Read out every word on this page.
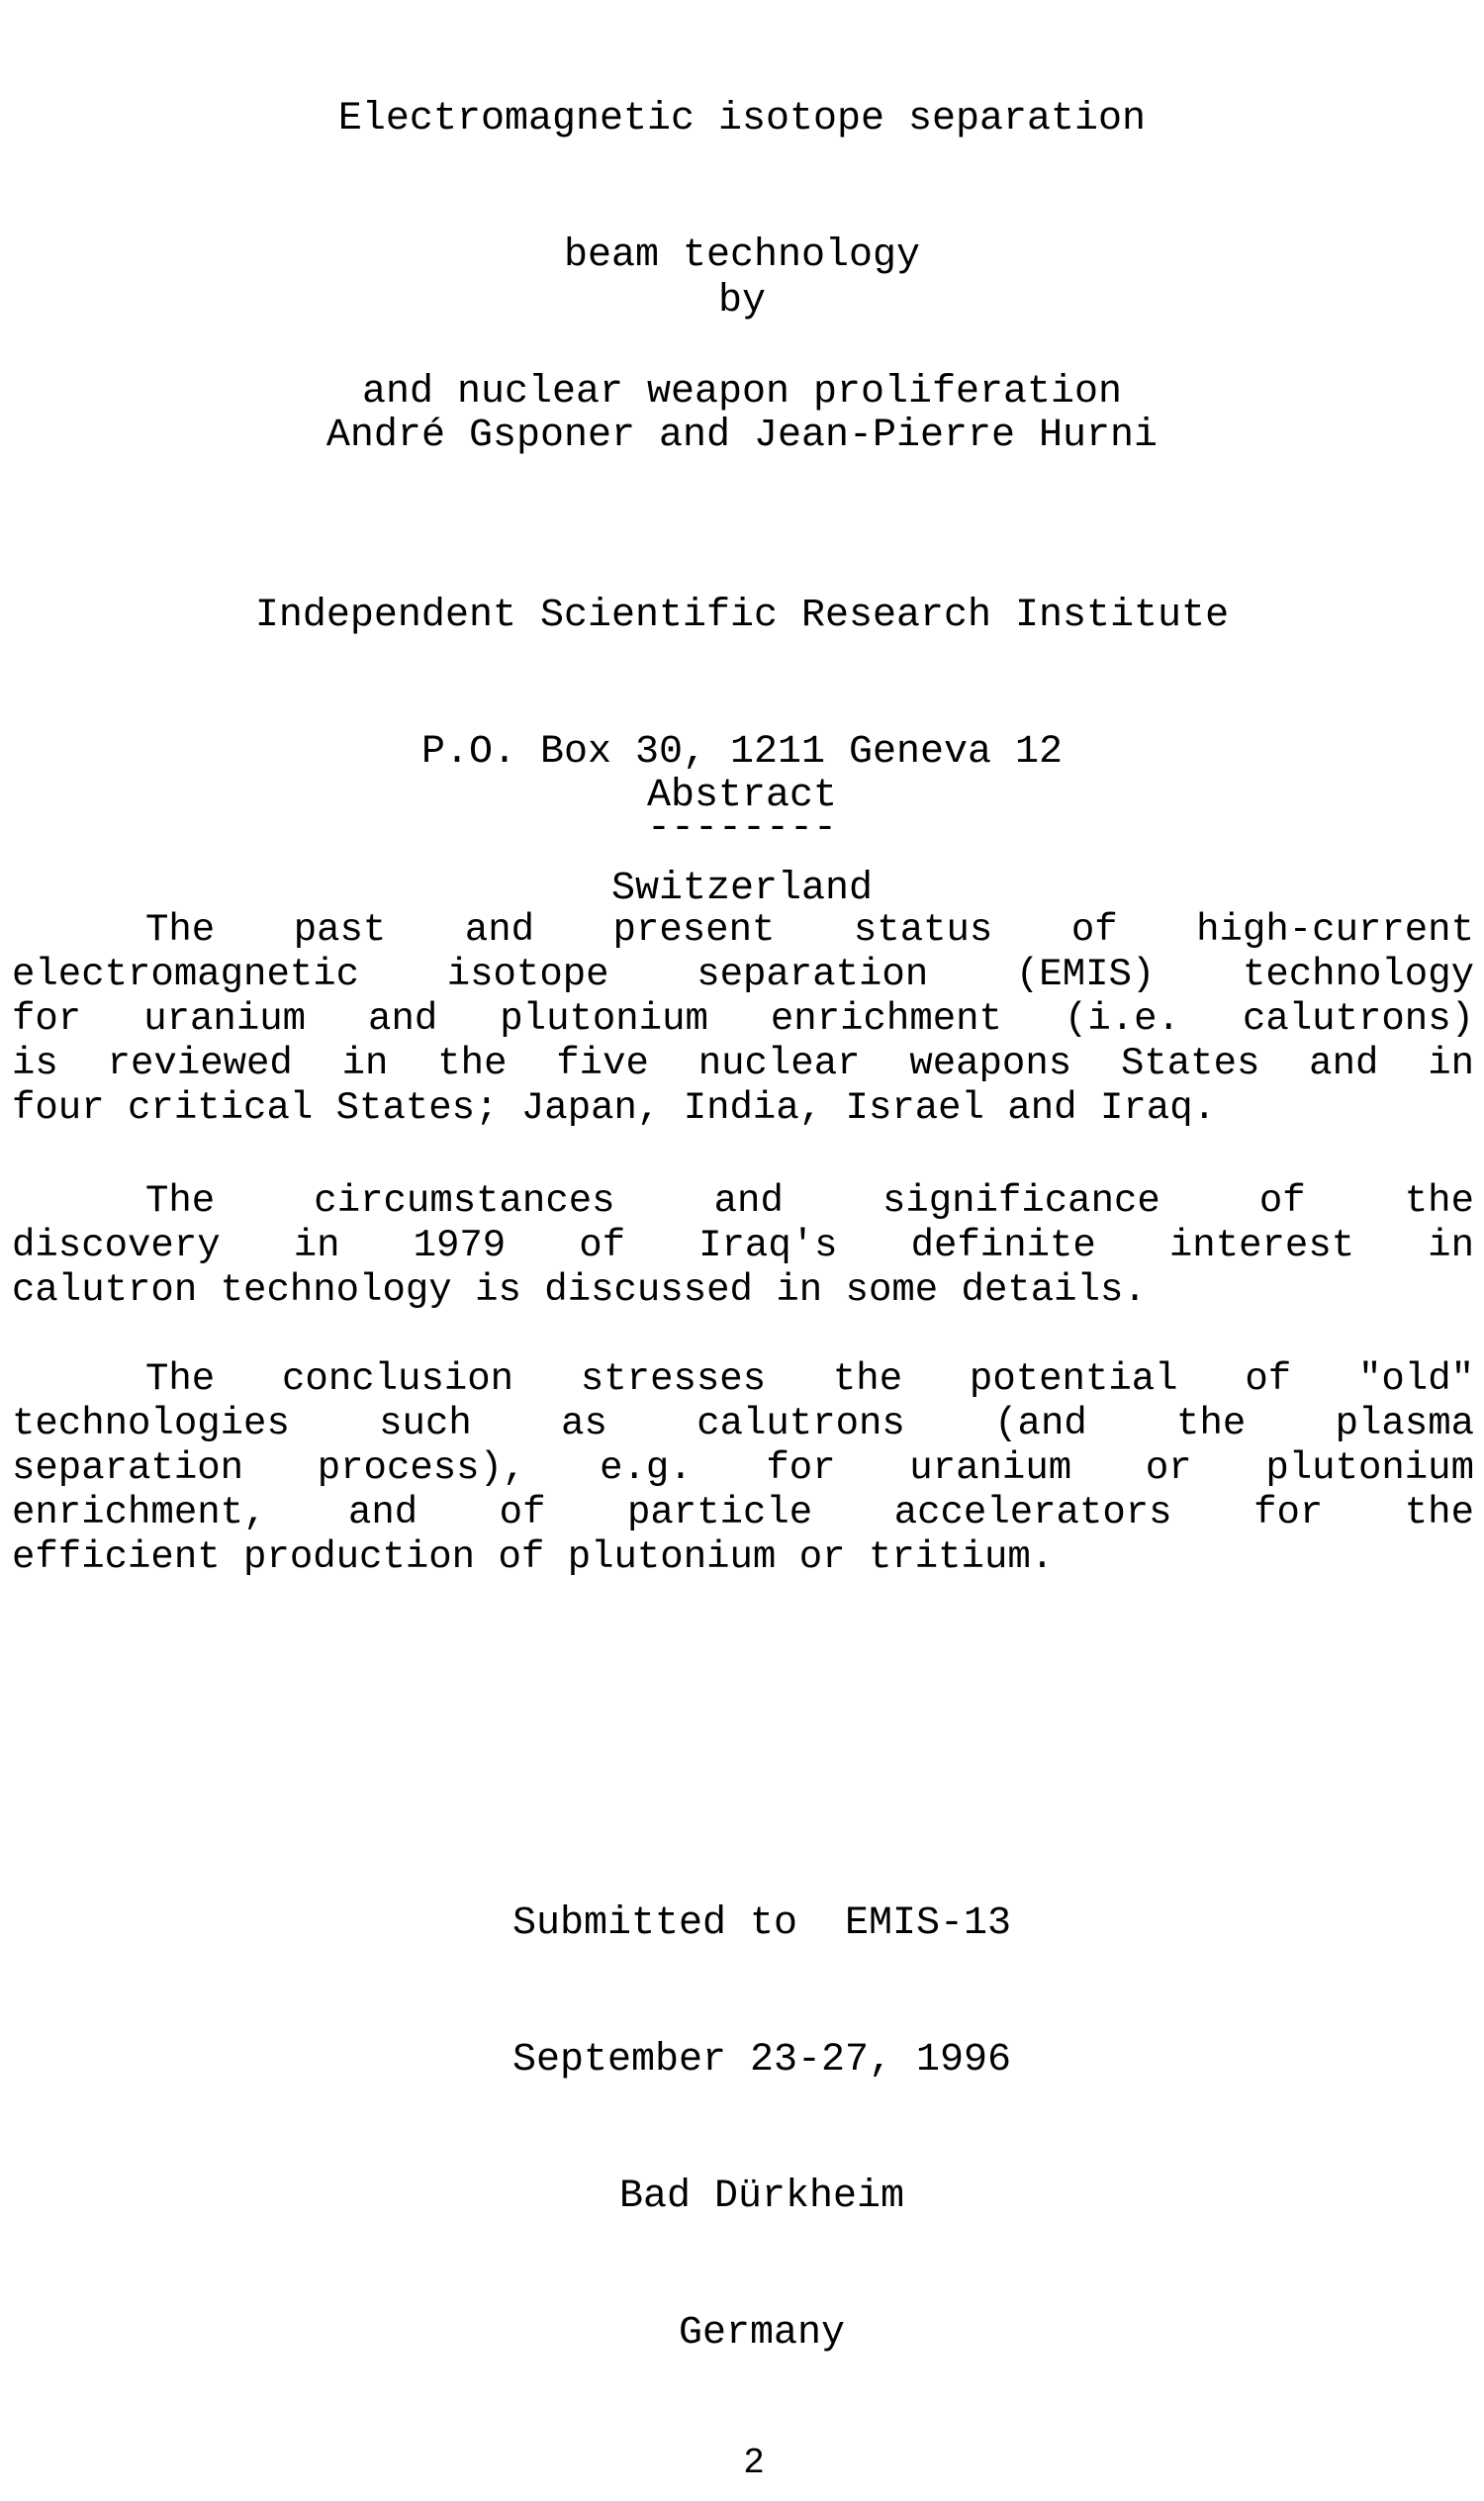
Electromagnetic isotope separation

beam technology

and nuclear weapon proliferation

by
André Gsponer and Jean-Pierre Hurni

Independent Scientific Research Institute

P.O. Box 30, 1211 Geneva 12

Switzerland

Abstract
--------
The past and present status of high-current
electromagnetic isotope separation (EMIS) technology
for uranium and plutonium enrichment (i.e. calutrons)
is reviewed in the five nuclear weapons States and in
four critical States; Japan, India, Israel and Iraq.
The circumstances and significance of the
discovery in 1979 of Iraq's definite interest in
calutron technology is discussed in some details.
The conclusion stresses the potential of "old"
technologies such as calutrons (and the plasma
separation process), e.g. for uranium or plutonium
enrichment, and of particle accelerators for the
efficient production of plutonium or tritium.

Submitted to  EMIS-13

September 23-27, 1996

Bad Dürkheim

Germany

2
